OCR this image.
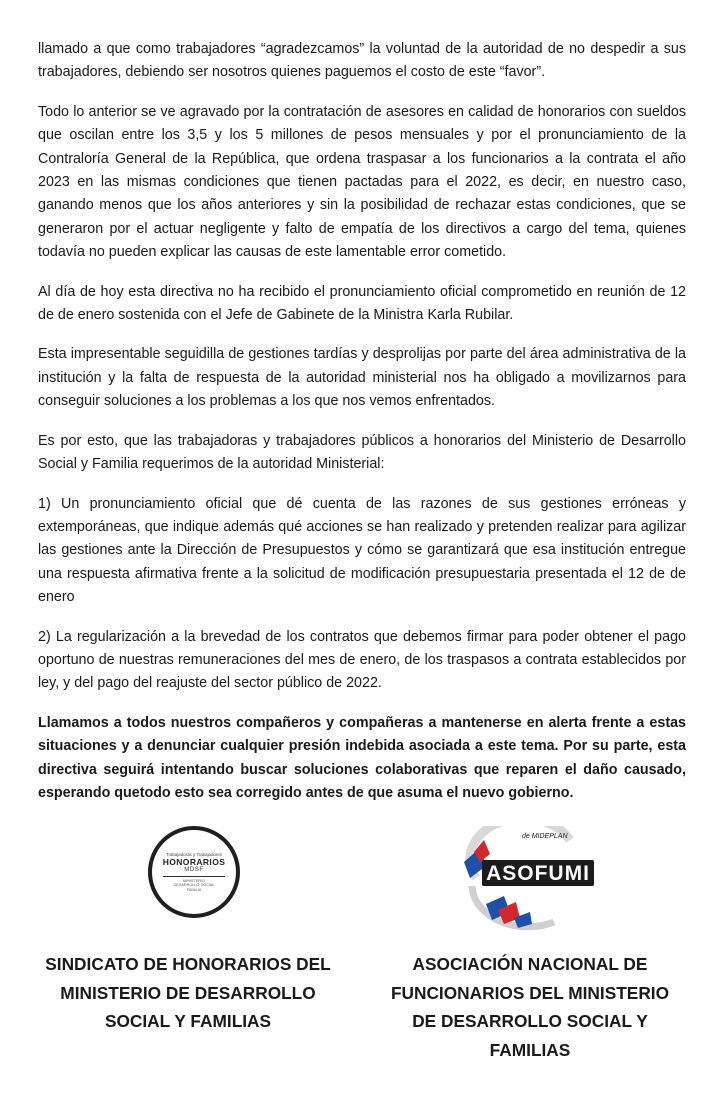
llamado a que como trabajadores “agradezcamos” la voluntad de la autoridad de no despedir a sus trabajadores, debiendo ser nosotros quienes paguemos el costo de este “favor”.

Todo lo anterior se ve agravado por la contratación de asesores en calidad de honorarios con sueldos que oscilan entre los 3,5 y los 5 millones de pesos mensuales y por el pronunciamiento de la Contraloría General de la República, que ordena traspasar a los funcionarios a la contrata el año 2023 en las mismas condiciones que tienen pactadas para el 2022, es decir, en nuestro caso, ganando menos que los años anteriores y sin la posibilidad de rechazar estas condiciones, que se generaron por el actuar negligente y falto de empatía de los directivos a cargo del tema, quienes todavía no pueden explicar las causas de este lamentable error cometido.

Al día de hoy esta directiva no ha recibido el pronunciamiento oficial comprometido en reunión de 12 de de enero sostenida con el Jefe de Gabinete de la Ministra Karla Rubilar.

Esta impresentable seguidilla de gestiones tardías y desprolijas por parte del área administrativa de la institución y la falta de respuesta de la autoridad ministerial nos ha obligado a movilizarnos para conseguir soluciones a los problemas a los que nos vemos enfrentados.

Es por esto, que las trabajadoras y trabajadores públicos a honorarios del Ministerio de Desarrollo Social y Familia requerimos de la autoridad Ministerial:

1) Un pronunciamiento oficial que dé cuenta de las razones de sus gestiones erróneas y extemporáneas, que indique además qué acciones se han realizado y pretenden realizar para agilizar las gestiones ante la Dirección de Presupuestos y cómo se garantizará que esa institución entregue una respuesta afirmativa frente a la solicitud de modificación presupuestaria presentada el 12 de de enero

2) La regularización a la brevedad de los contratos que debemos firmar para poder obtener el pago oportuno de nuestras remuneraciones del mes de enero, de los traspasos a contrata establecidos por ley, y del pago del reajuste del sector público de 2022.

Llamamos a todos nuestros compañeros y compañeras a mantenerse en alerta frente a estas situaciones y a denunciar cualquier presión indebida asociada a este tema. Por su parte, esta directiva seguirá intentando buscar soluciones colaborativas que reparen el daño causado, esperando quetodo esto sea corregido antes de que asuma el nuevo gobierno.

Trabajadoras y Trabajadores
HONORARIOS
MDSF
MINISTERIO
DESARROLLO SOCIAL
FAMILIA
de MIDEPLAN
ASOFUMI
SINDICATO DE HONORARIOS DEL
MINISTERIO DE DESARROLLO
SOCIAL Y FAMILIAS
ASOCIACIÓN NACIONAL DE
FUNCIONARIOS DEL MINISTERIO
DE DESARROLLO SOCIAL Y
FAMILIAS
